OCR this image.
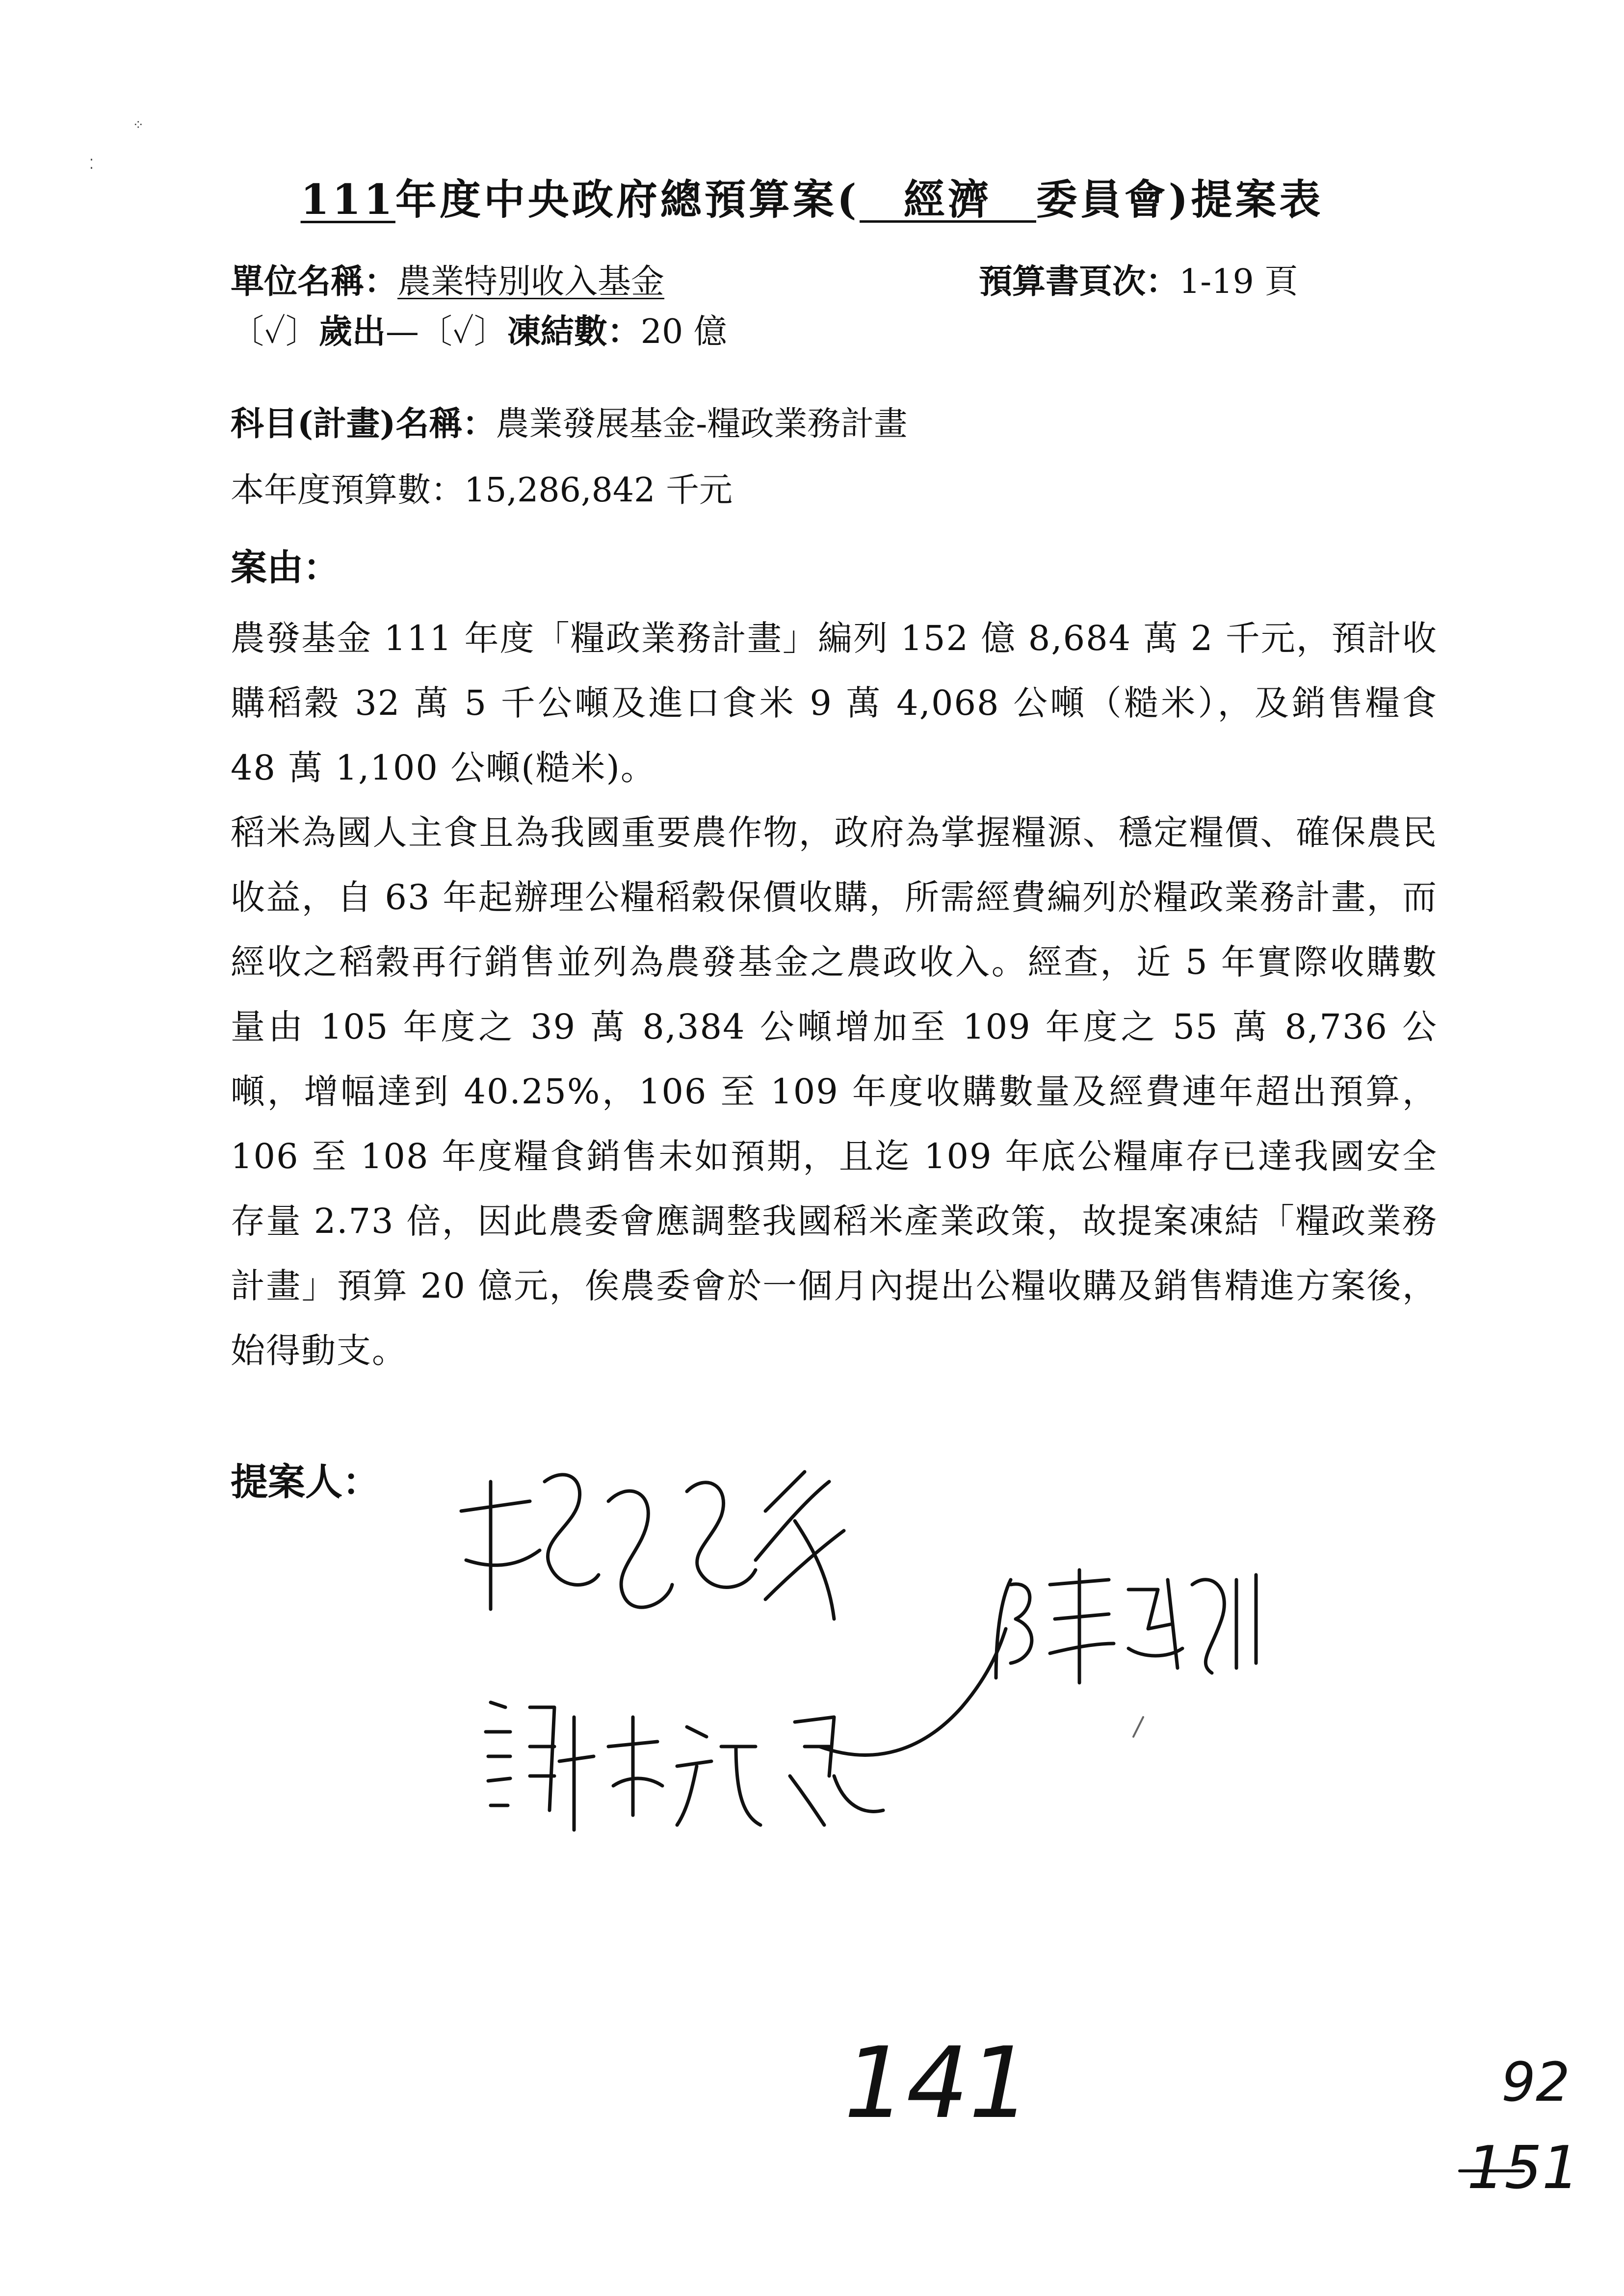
⁘
⁚
111年度中央政府總預算案( 經濟 委員會)提案表
單位名稱：農業特別收入基金	預算書頁次：1-19 頁
〔✓〕歲出—〔✓〕凍結數：20 億
科目(計畫)名稱：農業發展基金-糧政業務計畫
本年度預算數：15,286,842 千元
案由：

農發基金 111 年度「糧政業務計畫」編列 152 億 8,684 萬 2 千元，預計收購稻穀 32 萬 5 千公噸及進口食米 9 萬 4,068 公噸（糙米），及銷售糧食 48 萬 1,100 公噸(糙米)。

稻米為國人主食且為我國重要農作物，政府為掌握糧源、穩定糧價、確保農民收益，自 63 年起辦理公糧稻穀保價收購，所需經費編列於糧政業務計畫，而經收之稻穀再行銷售並列為農發基金之農政收入。經查，近 5 年實際收購數量由 105 年度之 39 萬 8,384 公噸增加至 109 年度之 55 萬 8,736 公噸，增幅達到 40.25%，106 至 109 年度收購數量及經費連年超出預算， 106 至 108 年度糧食銷售未如預期，且迄 109 年底公糧庫存已達我國安全存量 2.73 倍，因此農委會應調整我國稻米產業政策，故提案凍結「糧政業務計畫」預算 20 億元，俟農委會於一個月內提出公糧收購及銷售精進方案後，始得動支。

提案人：
141	92
151
